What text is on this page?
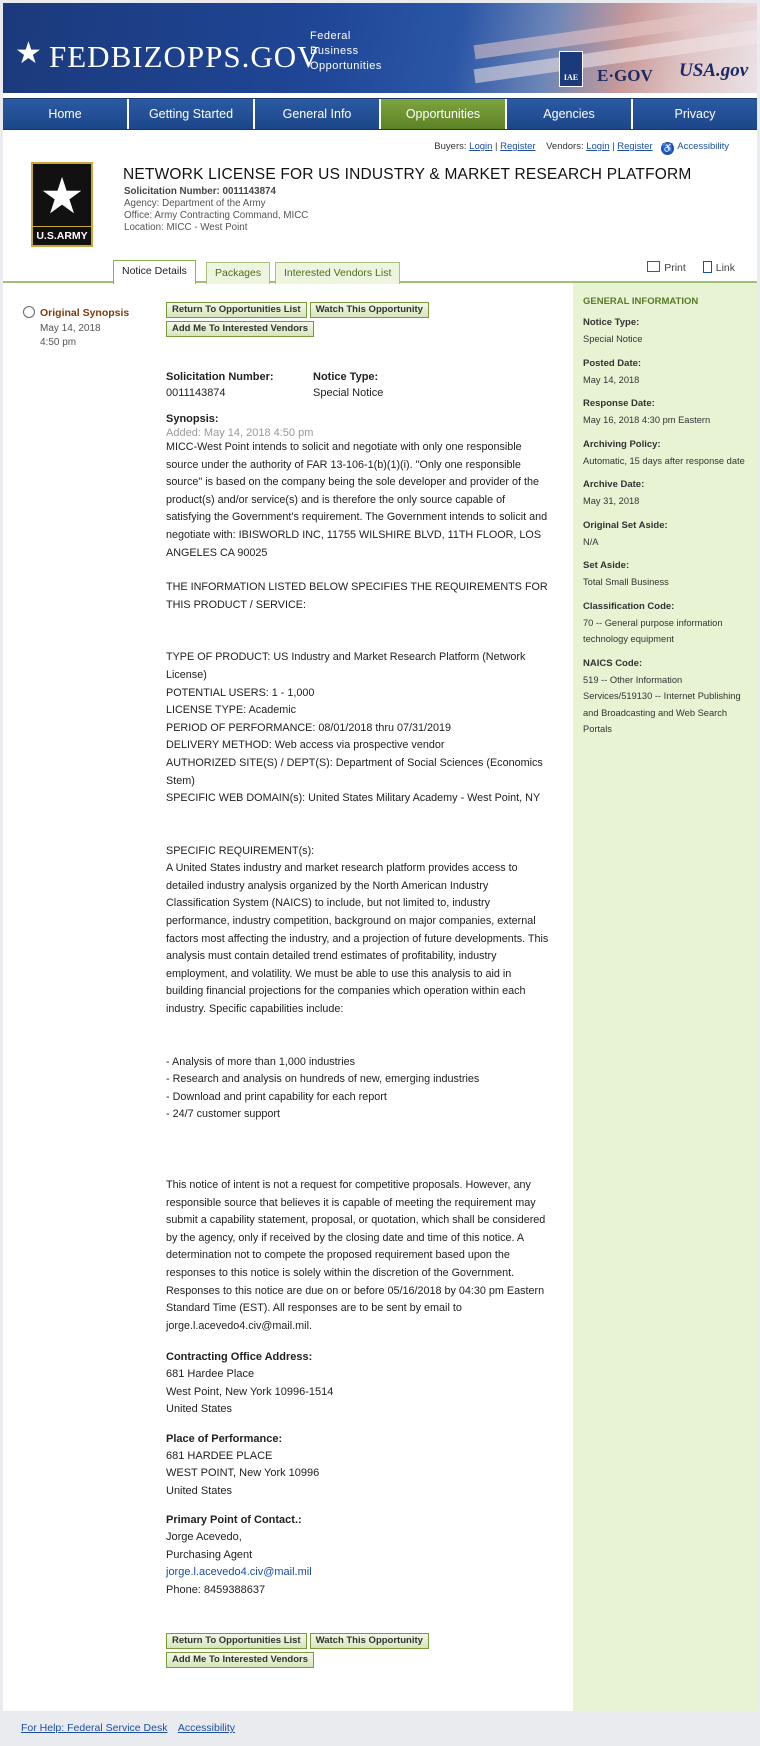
★ FEDBIZOPPS.GOV
Federal
Business
Opportunities
IAE E·GOV USA.gov
Home	Getting Started	General Info	Opportunities	Agencies	Privacy
Buyers: Login | Register Vendors: Login | Register ♿ Accessibility
★
U.S.ARMY
NETWORK LICENSE FOR US INDUSTRY & MARKET RESEARCH PLATFORM
Solicitation Number: 0011143874
Agency: Department of the Army
Office: Army Contracting Command, MICC
Location: MICC - West Point
Notice Details	Packages	Interested Vendors List	Print	Link
Original Synopsis
May 14, 2018
4:50 pm
Return To Opportunities List	Watch This Opportunity
Add Me To Interested Vendors
Solicitation Number:
0011143874
Notice Type:
Special Notice
Synopsis:
Added: May 14, 2018 4:50 pm
MICC-West Point intends to solicit and negotiate with only one responsible source under the authority of FAR 13-106-1(b)(1)(i). "Only one responsible source" is based on the company being the sole developer and provider of the product(s) and/or service(s) and is therefore the only source capable of satisfying the Government's requirement. The Government intends to solicit and negotiate with: IBISWORLD INC, 11755 WILSHIRE BLVD, 11TH FLOOR, LOS ANGELES CA 90025
THE INFORMATION LISTED BELOW SPECIFIES THE REQUIREMENTS FOR THIS PRODUCT / SERVICE:
TYPE OF PRODUCT: US Industry and Market Research Platform (Network License)
POTENTIAL USERS: 1 - 1,000
LICENSE TYPE: Academic
PERIOD OF PERFORMANCE: 08/01/2018 thru 07/31/2019
DELIVERY METHOD: Web access via prospective vendor
AUTHORIZED SITE(S) / DEPT(S): Department of Social Sciences (Economics Stem)
SPECIFIC WEB DOMAIN(s): United States Military Academy - West Point, NY
SPECIFIC REQUIREMENT(s):
A United States industry and market research platform provides access to detailed industry analysis organized by the North American Industry Classification System (NAICS) to include, but not limited to, industry performance, industry competition, background on major companies, external factors most affecting the industry, and a projection of future developments. This analysis must contain detailed trend estimates of profitability, industry employment, and volatility. We must be able to use this analysis to aid in building financial projections for the companies which operation within each industry. Specific capabilities include:
- Analysis of more than 1,000 industries
- Research and analysis on hundreds of new, emerging industries
- Download and print capability for each report
- 24/7 customer support
This notice of intent is not a request for competitive proposals. However, any responsible source that believes it is capable of meeting the requirement may submit a capability statement, proposal, or quotation, which shall be considered by the agency, only if received by the closing date and time of this notice. A determination not to compete the proposed requirement based upon the responses to this notice is solely within the discretion of the Government. Responses to this notice are due on or before 05/16/2018 by 04:30 pm Eastern Standard Time (EST). All responses are to be sent by email to jorge.l.acevedo4.civ@mail.mil.
Contracting Office Address:
681 Hardee Place
West Point, New York 10996-1514
United States
Place of Performance:
681 HARDEE PLACE
WEST POINT, New York 10996
United States
Primary Point of Contact.:
Jorge Acevedo,
Purchasing Agent
jorge.l.acevedo4.civ@mail.mil
Phone: 8459388637
Return To Opportunities List	Watch This Opportunity
Add Me To Interested Vendors
GENERAL INFORMATION
Notice Type:
Special Notice
Posted Date:
May 14, 2018
Response Date:
May 16, 2018 4:30 pm Eastern
Archiving Policy:
Automatic, 15 days after response date
Archive Date:
May 31, 2018
Original Set Aside:
N/A
Set Aside:
Total Small Business
Classification Code:
70 -- General purpose information technology equipment
NAICS Code:
519 -- Other Information Services/519130 -- Internet Publishing and Broadcasting and Web Search Portals
For Help: Federal Service Desk Accessibility
